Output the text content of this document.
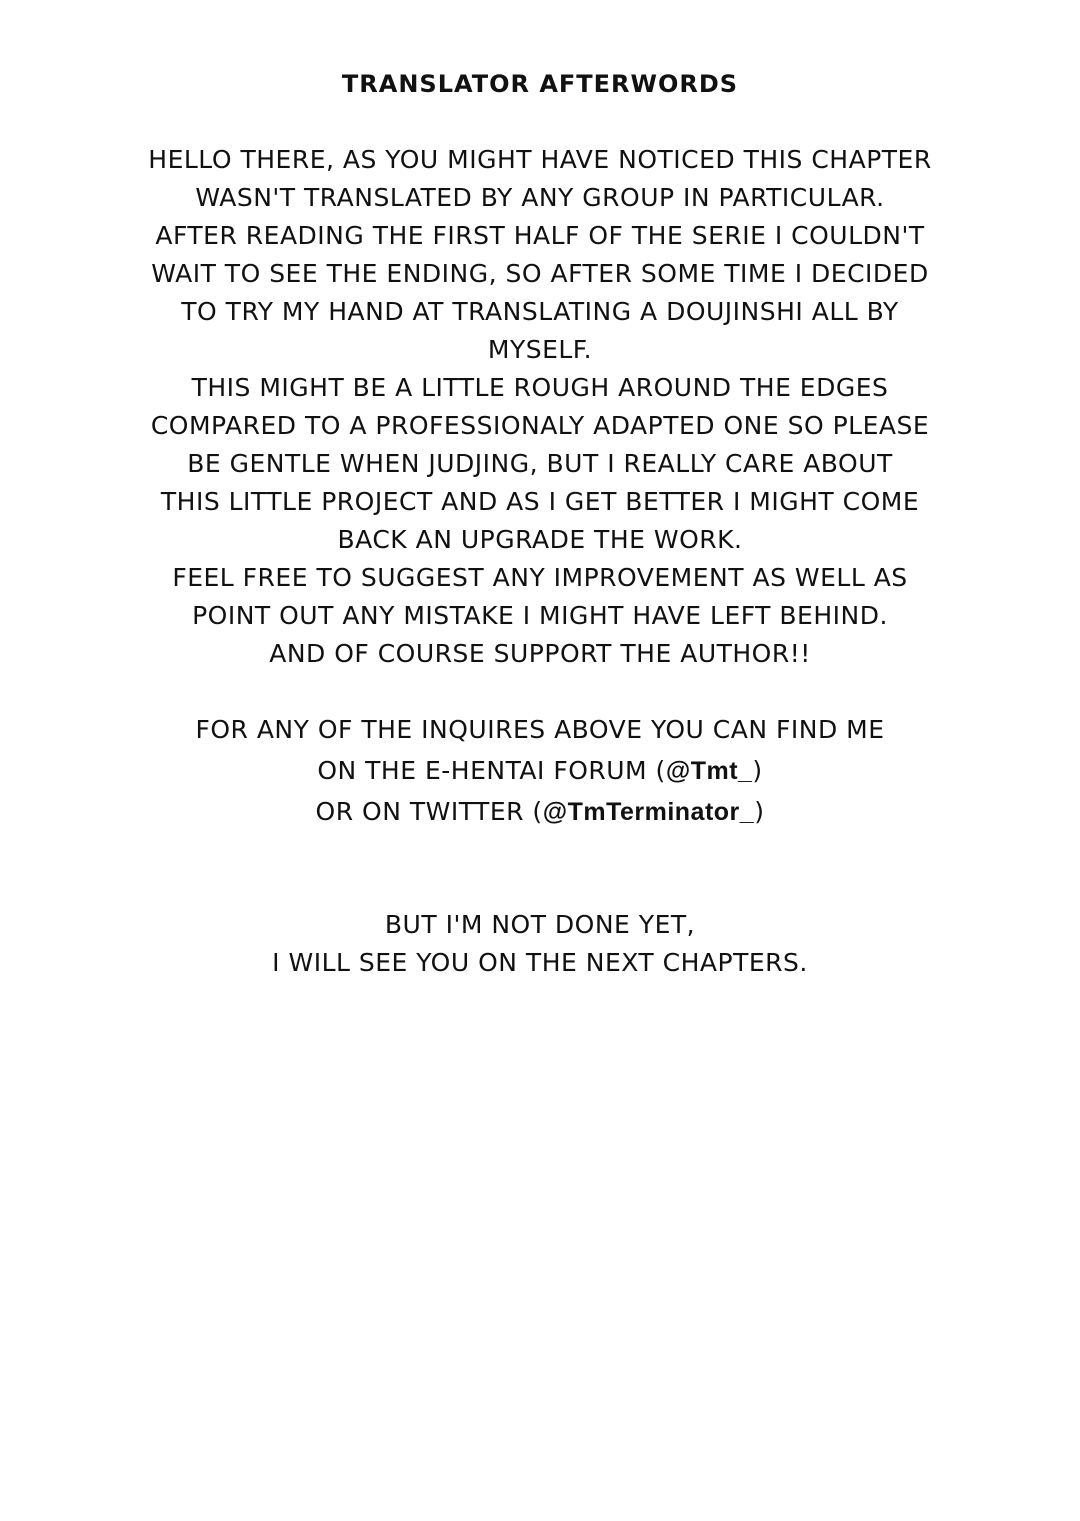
TRANSLATOR AFTERWORDS
HELLO THERE, AS YOU MIGHT HAVE NOTICED THIS CHAPTER
WASN'T TRANSLATED BY ANY GROUP IN PARTICULAR.
AFTER READING THE FIRST HALF OF THE SERIE I COULDN'T
WAIT TO SEE THE ENDING, SO AFTER SOME TIME I DECIDED
TO TRY MY HAND AT TRANSLATING A DOUJINSHI ALL BY
MYSELF.
THIS MIGHT BE A LITTLE ROUGH AROUND THE EDGES
COMPARED TO A PROFESSIONALY ADAPTED ONE SO PLEASE
BE GENTLE WHEN JUDJING, BUT I REALLY CARE ABOUT
THIS LITTLE PROJECT AND AS I GET BETTER I MIGHT COME
BACK AN UPGRADE THE WORK.
FEEL FREE TO SUGGEST ANY IMPROVEMENT AS WELL AS
POINT OUT ANY MISTAKE I MIGHT HAVE LEFT BEHIND.
AND OF COURSE SUPPORT THE AUTHOR!!
FOR ANY OF THE INQUIRES ABOVE YOU CAN FIND ME
ON THE E-HENTAI FORUM (@Tmt_)
OR ON TWITTER (@TmTerminator_)
BUT I'M NOT DONE YET,
I WILL SEE YOU ON THE NEXT CHAPTERS.
